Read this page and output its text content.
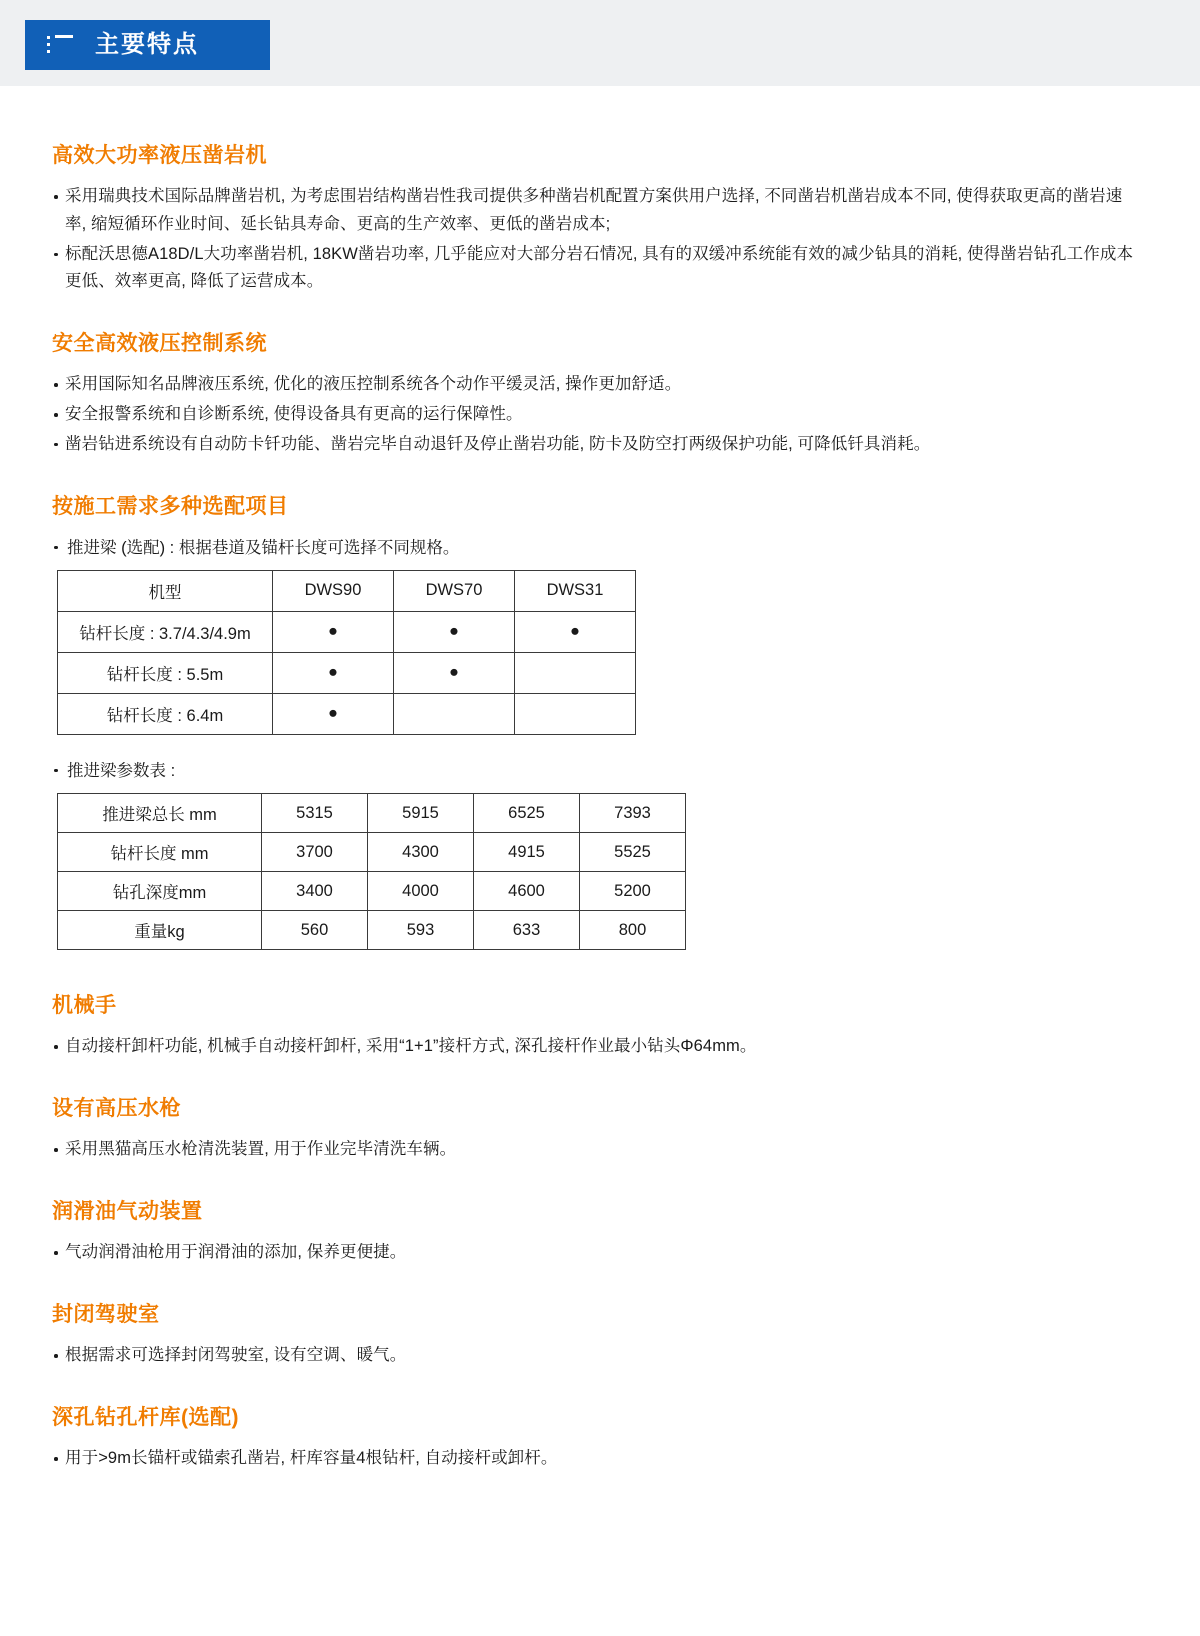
主要特点
高效大功率液压凿岩机
采用瑞典技术国际品牌凿岩机, 为考虑围岩结构凿岩性我司提供多种凿岩机配置方案供用户选择, 不同凿岩机凿岩成本不同, 使得获取更高的凿岩速率, 缩短循环作业时间、延长钻具寿命、更高的生产效率、更低的凿岩成本;
标配沃思德A18D/L大功率凿岩机, 18KW凿岩功率, 几乎能应对大部分岩石情况, 具有的双缓冲系统能有效的减少钻具的消耗, 使得凿岩钻孔工作成本更低、效率更高, 降低了运营成本。
安全高效液压控制系统
采用国际知名品牌液压系统, 优化的液压控制系统各个动作平缓灵活, 操作更加舒适。
安全报警系统和自诊断系统, 使得设备具有更高的运行保障性。
凿岩钻进系统设有自动防卡钎功能、凿岩完毕自动退钎及停止凿岩功能, 防卡及防空打两级保护功能, 可降低钎具消耗。
按施工需求多种选配项目
推进梁 (选配) : 根据巷道及锚杆长度可选择不同规格。
机型	DWS90	DWS70	DWS31
钻杆长度 : 3.7/4.3/4.9m	●	●	●
钻杆长度 : 5.5m	●	●	
钻杆长度 : 6.4m	●		
推进梁参数表 :
推进梁总长 mm	5315	5915	6525	7393
钻杆长度 mm	3700	4300	4915	5525
钻孔深度mm	3400	4000	4600	5200
重量kg	560	593	633	800
机械手
自动接杆卸杆功能, 机械手自动接杆卸杆, 采用“1+1”接杆方式, 深孔接杆作业最小钻头Φ64mm。
设有高压水枪
采用黑猫高压水枪清洗装置, 用于作业完毕清洗车辆。
润滑油气动装置
气动润滑油枪用于润滑油的添加, 保养更便捷。
封闭驾驶室
根据需求可选择封闭驾驶室, 设有空调、暖气。
深孔钻孔杆库(选配)
用于>9m长锚杆或锚索孔凿岩, 杆库容量4根钻杆, 自动接杆或卸杆。
